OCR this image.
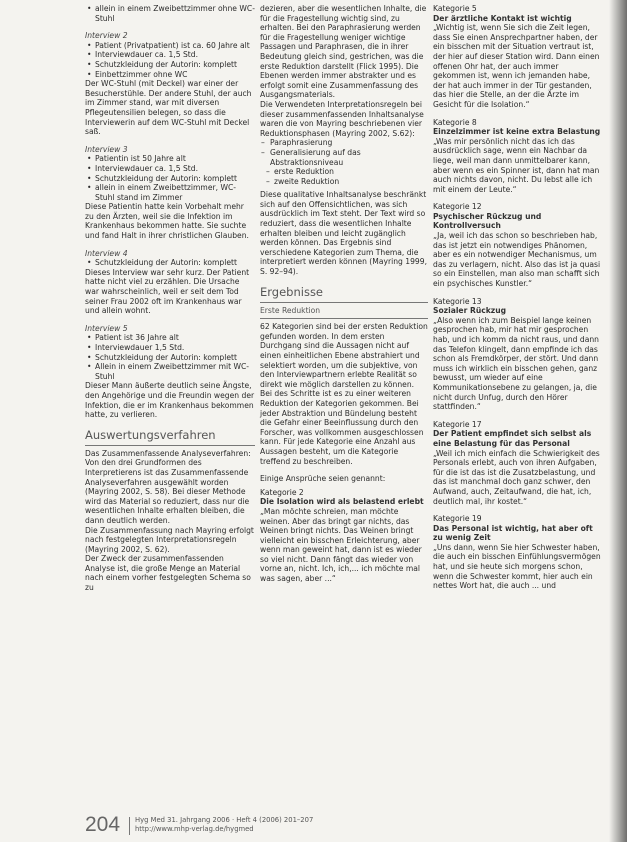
• allein in einem Zweibettzimmer ohne WC-Stuhl

Interview 2

• Patient (Privatpatient) ist ca. 60 Jahre alt
• Interviewdauer ca. 1,5 Std.
• Schutzkleidung der Autorin: komplett
• Einbettzimmer ohne WC

Der WC-Stuhl (mit Deckel) war einer der Besucherstühle. Der andere Stuhl, der auch im Zimmer stand, war mit diversen Pflegeutensilien belegen, so dass die Interviewerin auf dem WC-Stuhl mit Deckel saß.

Interview 3

• Patientin ist 50 Jahre alt
• Interviewdauer ca. 1,5 Std.
• Schutzkleidung der Autorin: komplett
• allein in einem Zweibettzimmer, WC-Stuhl stand im Zimmer

Diese Patientin hatte kein Vorbehalt mehr zu den Ärzten, weil sie die Infektion im Krankenhaus bekommen hatte. Sie suchte und fand Halt in ihrer christlichen Glauben.

Interview 4

• Schutzkleidung der Autorin: komplett

Dieses Interview war sehr kurz. Der Patient hatte nicht viel zu erzählen. Die Ursache war wahrscheinlich, weil er seit dem Tod seiner Frau 2002 oft im Krankenhaus war und allein wohnt.

Interview 5

• Patient ist 36 Jahre alt
• Interviewdauer 1,5 Std.
• Schutzkleidung der Autorin: komplett
• Allein in einem Zweibettzimmer mit WC-Stuhl

Dieser Mann äußerte deutlich seine Ängste, den Angehörige und die Freundin wegen der Infektion, die er im Krankenhaus bekommen hatte, zu verlieren.

Auswertungsverfahren

Das Zusammenfassende Analyseverfahren: Von den drei Grundformen des Interpretierens ist das Zusammenfassende Analyseverfahren ausgewählt worden (Mayring 2002, S. 58). Bei dieser Methode wird das Material so reduziert, dass nur die wesentlichen Inhalte erhalten bleiben, die dann deutlich werden.

Die Zusammenfassung nach Mayring erfolgt nach festgelegten Interpretationsregeln (Mayring 2002, S. 62).

Der Zweck der zusammenfassenden Analyse ist, die große Menge an Material nach einem vorher festgelegten Schema so zu

dezieren, aber die wesentlichen Inhalte, die für die Fragestellung wichtig sind, zu erhalten. Bei den Paraphrasierung werden für die Fragestellung weniger wichtige Passagen und Paraphrasen, die in ihrer Bedeutung gleich sind, gestrichen, was die erste Reduktion darstellt (Flick 1995). Die Ebenen werden immer abstrakter und es erfolgt somit eine Zusammenfassung des Ausgangsmaterials.

Die Verwendeten Interpretationsregeln bei dieser zusammenfassenden Inhaltsanalyse waren die von Mayring beschriebenen vier Reduktionsphasen (Mayring 2002, S.62):

– Paraphrasierung
– Generalisierung auf das Abstraktionsniveau
– erste Reduktion
– zweite Reduktion

Diese qualitative Inhaltsanalyse beschränkt sich auf den Offensichtlichen, was sich ausdrücklich im Text steht. Der Text wird so reduziert, dass die wesentlichen Inhalte erhalten bleiben und leicht zugänglich werden können. Das Ergebnis sind verschiedene Kategorien zum Thema, die interpretiert werden können (Mayring 1999, S. 92–94).

Ergebnisse

Erste Reduktion

62 Kategorien sind bei der ersten Reduktion gefunden worden. In dem ersten Durchgang sind die Aussagen nicht auf einen einheitlichen Ebene abstrahiert und selektiert worden, um die subjektive, von den Interviewpartnern erlebte Realität so direkt wie möglich darstellen zu können. Bei des Schritte ist es zu einer weiteren Reduktion der Kategorien gekommen. Bei jeder Abstraktion und Bündelung besteht die Gefahr einer Beeinflussung durch den Forscher, was vollkommen ausgeschlossen kann. Für jede Kategorie eine Anzahl aus Aussagen besteht, um die Kategorie treffend zu beschreiben.

Einige Ansprüche seien genannt:

Kategorie 2

Die Isolation wird als belastend erlebt

„Man möchte schreien, man möchte weinen. Aber das bringt gar nichts, das Weinen bringt nichts. Das Weinen bringt vielleicht ein bisschen Erleichterung, aber wenn man geweint hat, dann ist es wieder so viel nicht. Dann fängt das wieder von vorne an, nicht. Ich, ich,... ich möchte mal was sagen, aber ...“

Kategorie 5

Der ärztliche Kontakt ist wichtig

„Wichtig ist, wenn Sie sich die Zeit legen, dass Sie einen Ansprechpartner haben, der ein bisschen mit der Situation vertraut ist, der hier auf dieser Station wird. Dann einen offenen Ohr hat, der auch immer gekommen ist, wenn ich jemanden habe, der hat auch immer in der Tür gestanden, das hier die Stelle, an der die Ärzte im Gesicht für die Isolation.“

Kategorie 8

Einzelzimmer ist keine extra Belastung

„Was mir persönlich nicht das ich das ausdrücklich sage, wenn ein Nachbar da liege, weil man dann unmittelbarer kann, aber wenn es ein Spinner ist, dann hat man auch nichts davon, nicht. Du lebst alle ich mit einem der Leute.“

Kategorie 12

Psychischer Rückzug und Kontrollversuch

„Ja, weil ich das schon so beschrieben hab, das ist jetzt ein notwendiges Phänomen, aber es ein notwendiger Mechanismus, um das zu verlagern, nicht. Also das ist ja quasi so ein Einstellen, man also man schafft sich ein psychisches Kunstler.“

Kategorie 13

Sozialer Rückzug

„Also wenn ich zum Beispiel lange keinen gesprochen hab, mir hat mir gesprochen hab, und ich komm da nicht raus, und dann das Telefon klingelt, dann empfinde ich das schon als Fremdkörper, der stört. Und dann muss ich wirklich ein bisschen gehen, ganz bewusst, um wieder auf eine Kommunikationsebene zu gelangen, ja, die nicht durch Unfug, durch den Hörer stattfinden.“

Kategorie 17

Der Patient empfindet sich selbst als eine Belastung für das Personal

„Weil ich mich einfach die Schwierigkeit des Personals erlebt, auch von ihren Aufgaben, für die ist das ist die Zusatzbelastung, und das ist manchmal doch ganz schwer, den Aufwand, auch, Zeitaufwand, die hat, ich, deutlich mal, ihr kostet.“

Kategorie 19

Das Personal ist wichtig, hat aber oft zu wenig Zeit

„Uns dann, wenn Sie hier Schwester haben, die auch ein bisschen Einfühlungsvermögen hat, und sie heute sich morgens schon, wenn die Schwester kommt, hier auch ein nettes Wort hat, die auch ... und

204 Hyg Med 31. Jahrgang 2006 · Heft 4 (2006) 201–207
http://www.mhp-verlag.de/hygmed
